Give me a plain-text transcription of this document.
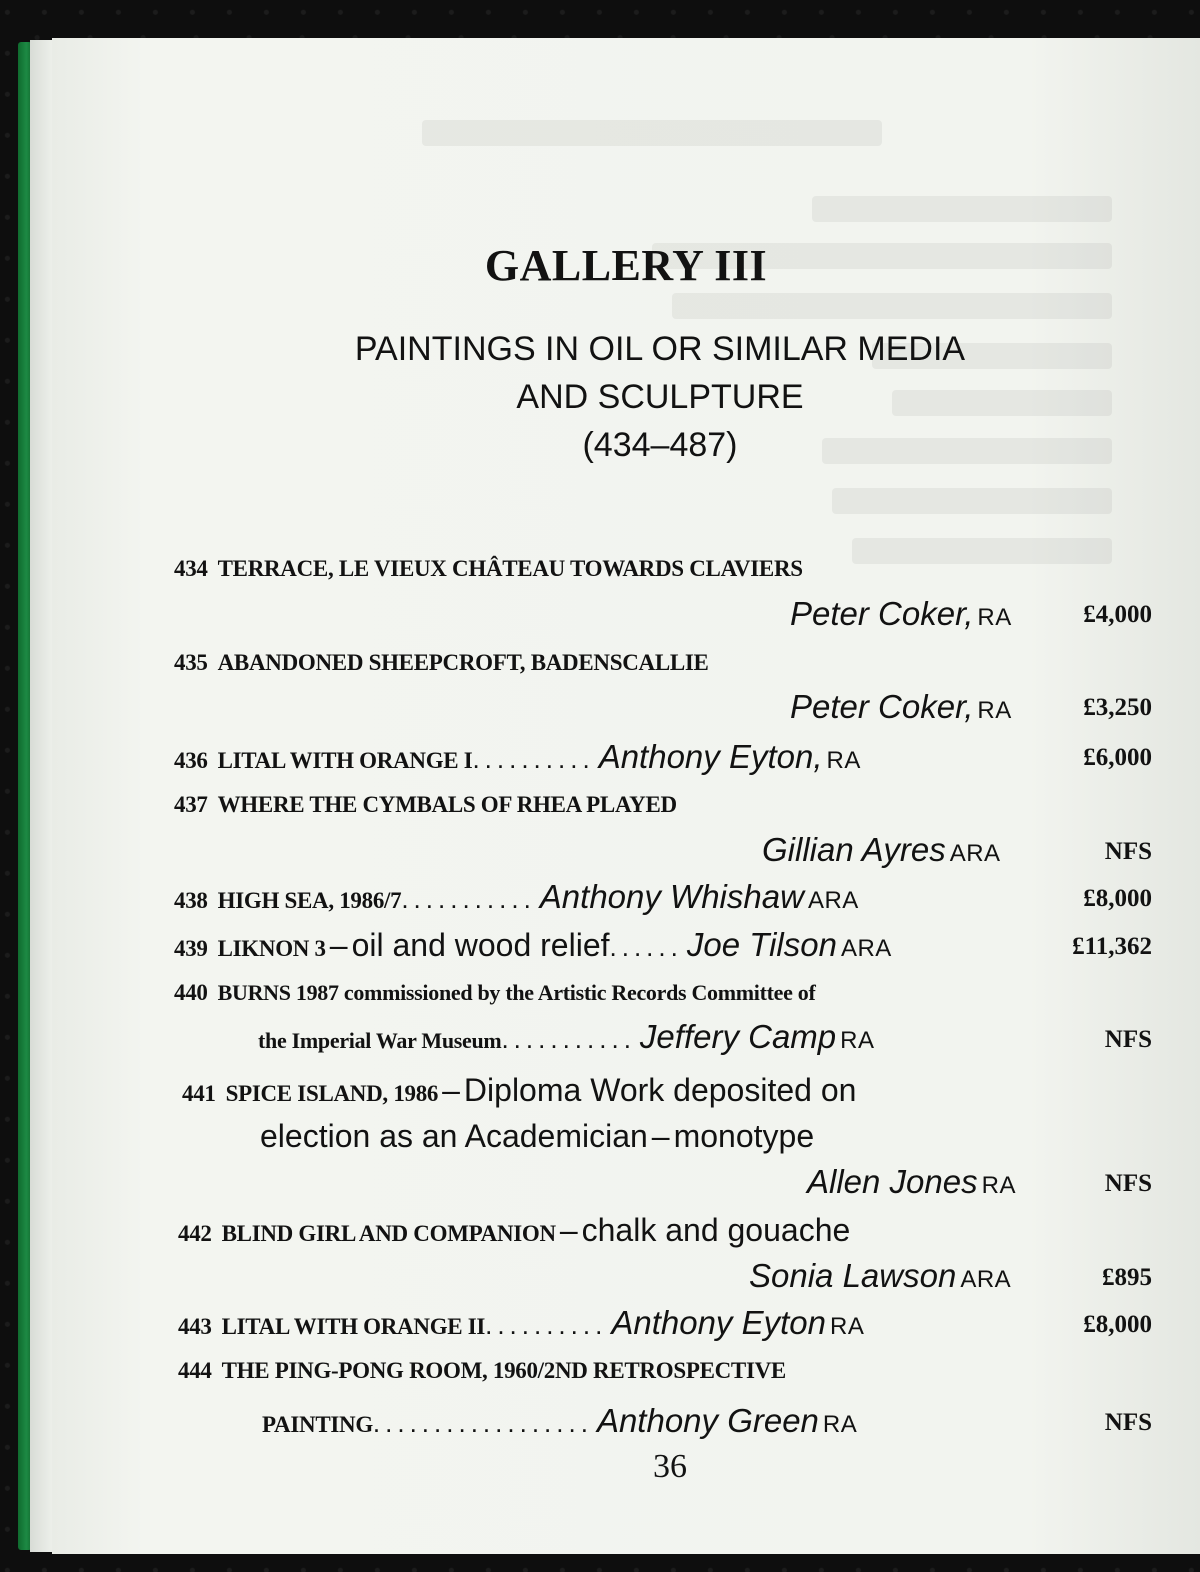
GALLERY III
PAINTINGS IN OIL OR SIMILAR MEDIA
AND SCULPTURE
(434–487)
434 TERRACE, LE VIEUX CHÂTEAU TOWARDS CLAVIERS
Peter Coker, RA	£4,000
435 ABANDONED SHEEPCROFT, BADENSCALLIE
Peter Coker, RA	£3,250
436 LITAL WITH ORANGE I.......... Anthony Eyton, RA	£6,000
437 WHERE THE CYMBALS OF RHEA PLAYED
Gillian Ayres ARA	NFS
438 HIGH SEA, 1986/7........... Anthony Whishaw ARA	£8,000
439 LIKNON 3 – oil and wood relief...... Joe Tilson ARA	£11,362
440 BURNS 1987 commissioned by the Artistic Records Committee of
the Imperial War Museum........... Jeffery Camp RA	NFS
441 SPICE ISLAND, 1986 – Diploma Work deposited on
election as an Academician – monotype
Allen Jones RA	NFS
442 BLIND GIRL AND COMPANION – chalk and gouache
Sonia Lawson ARA	£895
443 LITAL WITH ORANGE II.......... Anthony Eyton RA	£8,000
444 THE PING-PONG ROOM, 1960/2ND RETROSPECTIVE
PAINTING.................. Anthony Green RA	NFS
36
